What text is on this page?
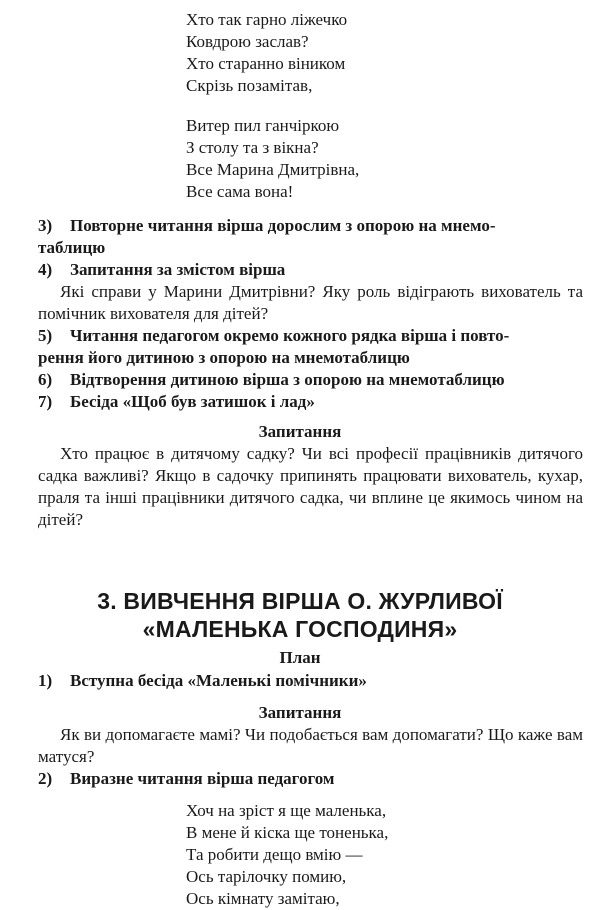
Хто так гарно ліжечко
Ковдрою заслав?
Хто старанно віником
Скрізь позамітав,
Витер пил ганчіркою
З столу та з вікна?
Все Марина Дмитрівна,
Все сама вона!
3) Повторне читання вірша дорослим з опорою на мнемо-
таблицю
4) Запитання за змістом вірша
Які справи у Марини Дмитрівни? Яку роль відіграють вихователь та помічник вихователя для дітей?
5) Читання педагогом окремо кожного рядка вірша і повто-
рення його дитиною з опорою на мнемотаблицю
6) Відтворення дитиною вірша з опорою на мнемотаблицю
7) Бесіда «Щоб був затишок і лад»
Запитання
Хто працює в дитячому садку? Чи всі професії працівників дитячого садка важливі? Якщо в садочку припинять працювати вихователь, кухар, праля та інші працівники дитячого садка, чи вплине це якимось чином на дітей?
3. ВИВЧЕННЯ ВІРША О. ЖУРЛИВОЇ
«МАЛЕНЬКА ГОСПОДИНЯ»
План
1) Вступна бесіда «Маленькі помічники»
Запитання
Як ви допомагаєте мамі? Чи подобається вам допомагати? Що каже вам матуся?
2) Виразне читання вірша педагогом
Хоч на зріст я ще маленька,
В мене й кіска ще тоненька,
Та робити дещо вмію —
Ось тарілочку помию,
Ось кімнату замітаю,
